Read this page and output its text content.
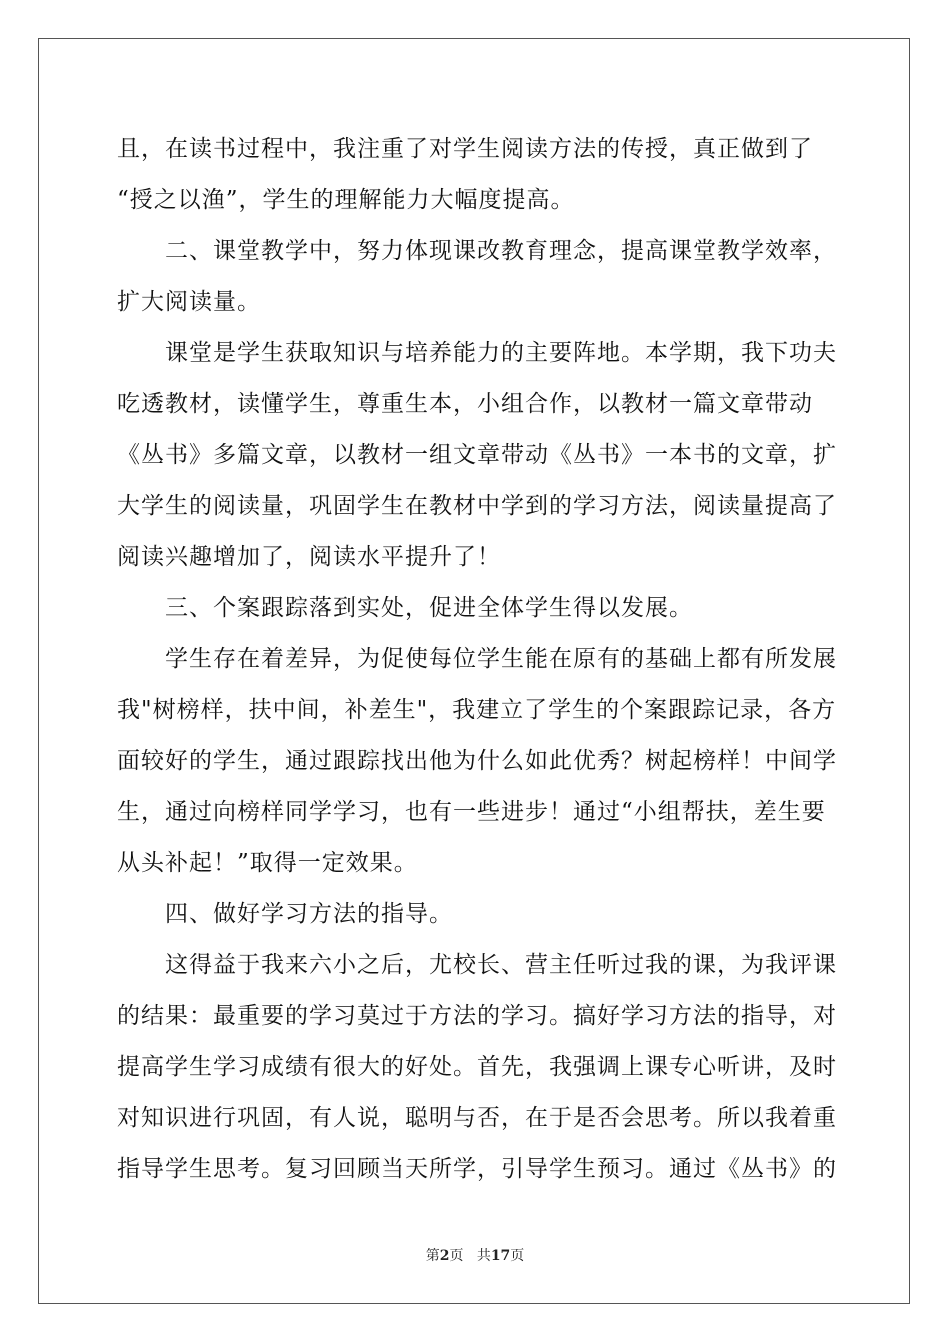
且，在读书过程中，我注重了对学生阅读方法的传授，真正做到了
“授之以渔”，学生的理解能力大幅度提高。
二、课堂教学中，努力体现课改教育理念，提高课堂教学效率，
扩大阅读量。
课堂是学生获取知识与培养能力的主要阵地。本学期，我下功夫
吃透教材，读懂学生，尊重生本，小组合作，以教材一篇文章带动
《丛书》多篇文章，以教材一组文章带动《丛书》一本书的文章，扩
大学生的阅读量，巩固学生在教材中学到的学习方法，阅读量提高了
阅读兴趣增加了，阅读水平提升了！
三、个案跟踪落到实处，促进全体学生得以发展。
学生存在着差异，为促使每位学生能在原有的基础上都有所发展
我"树榜样，扶中间，补差生"，我建立了学生的个案跟踪记录，各方
面较好的学生，通过跟踪找出他为什么如此优秀？树起榜样！中间学
生，通过向榜样同学学习，也有一些进步！通过“小组帮扶，差生要
从头补起！”取得一定效果。
四、做好学习方法的指导。
这得益于我来六小之后，尤校长、营主任听过我的课，为我评课
的结果：最重要的学习莫过于方法的学习。搞好学习方法的指导，对
提高学生学习成绩有很大的好处。首先，我强调上课专心听讲，及时
对知识进行巩固，有人说，聪明与否，在于是否会思考。所以我着重
指导学生思考。复习回顾当天所学，引导学生预习。通过《丛书》的
第2页 共17页
